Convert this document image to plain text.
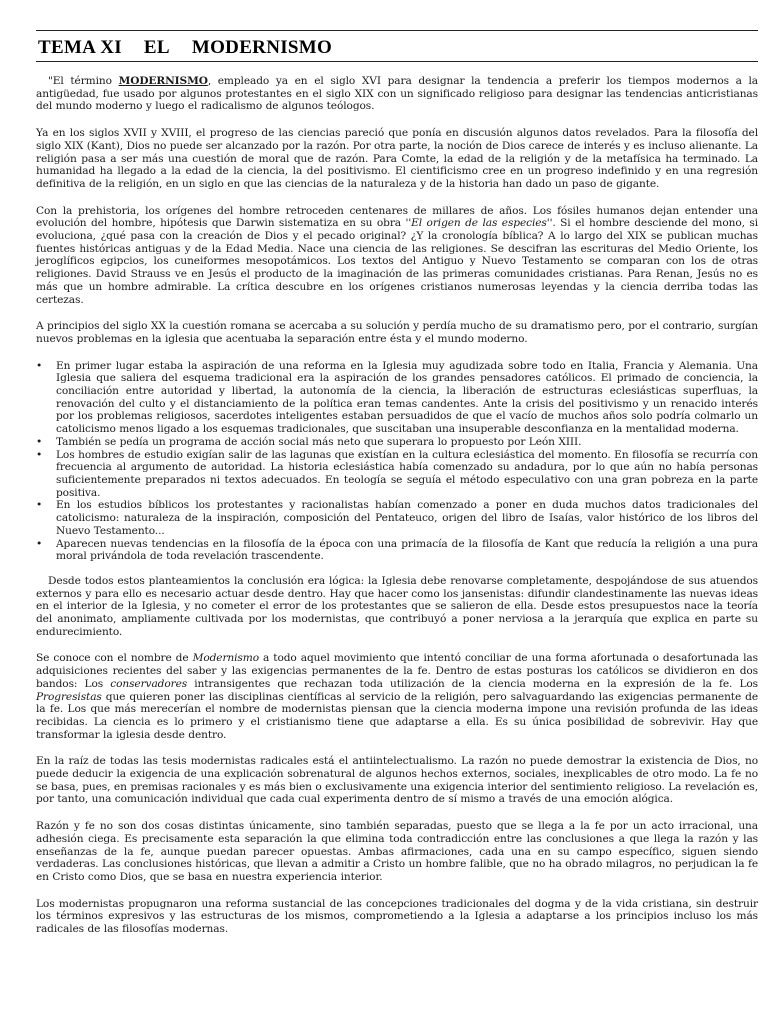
TEMA XI EL MODERNISMO

"El término MODERNISMO, empleado ya en el siglo XVI para designar la tendencia a preferir los tiempos modernos a la antigüedad, fue usado por algunos protestantes en el siglo XIX con un significado religioso para designar las tendencias anticristianas del mundo moderno y luego el radicalismo de algunos teólogos.

Ya en los siglos XVII y XVIII, el progreso de las ciencias pareció que ponía en discusión algunos datos revelados. Para la filosofía del siglo XIX (Kant), Dios no puede ser alcanzado por la razón. Por otra parte, la noción de Dios carece de interés y es incluso alienante. La religión pasa a ser más una cuestión de moral que de razón. Para Comte, la edad de la religión y de la metafísica ha terminado. La humanidad ha llegado a la edad de la ciencia, la del positivismo. El cientificismo cree en un progreso indefinido y en una regresión definitiva de la religión, en un siglo en que las ciencias de la naturaleza y de la historia han dado un paso de gigante.

Con la prehistoria, los orígenes del hombre retroceden centenares de millares de años. Los fósiles humanos dejan entender una evolución del hombre, hipótesis que Darwin sistematiza en su obra ''El origen de las especies''. Si el hombre desciende del mono, si evoluciona, ¿qué pasa con la creación de Dios y el pecado original? ¿Y la cronología bíblica? A lo largo del XIX se publican muchas fuentes históricas antiguas y de la Edad Media. Nace una ciencia de las religiones. Se descifran las escrituras del Medio Oriente, los jeroglíficos egipcios, los cuneiformes mesopotámicos. Los textos del Antiguo y Nuevo Testamento se comparan con los de otras religiones. David Strauss ve en Jesús el producto de la imaginación de las primeras comunidades cristianas. Para Renan, Jesús no es más que un hombre admirable. La crítica descubre en los orígenes cristianos numerosas leyendas y la ciencia derriba todas las certezas.

A principios del siglo XX la cuestión romana se acercaba a su solución y perdía mucho de su dramatismo pero, por el contrario, surgían nuevos problemas en la iglesia que acentuaba la separación entre ésta y el mundo moderno.

• En primer lugar estaba la aspiración de una reforma en la Iglesia muy agudizada sobre todo en Italia, Francia y Alemania. Una Iglesia que saliera del esquema tradicional era la aspiración de los grandes pensadores católicos. El primado de conciencia, la conciliación entre autoridad y libertad, la autonomía de la ciencia, la liberación de estructuras eclesiásticas superfluas, la renovación del culto y el distanciamiento de la política eran temas candentes. Ante la crisis del positivismo y un renacido interés por los problemas religiosos, sacerdotes inteligentes estaban persuadidos de que el vacío de muchos años solo podría colmarlo un catolicismo menos ligado a los esquemas tradicionales, que suscitaban una insuperable desconfianza en la mentalidad moderna.
• También se pedía un programa de acción social más neto que superara lo propuesto por León XIII.
• Los hombres de estudio exigían salir de las lagunas que existían en la cultura eclesiástica del momento. En filosofía se recurría con frecuencia al argumento de autoridad. La historia eclesiástica había comenzado su andadura, por lo que aún no había personas suficientemente preparados ni textos adecuados. En teología se seguía el método especulativo con una gran pobreza en la parte positiva.
• En los estudios bíblicos los protestantes y racionalistas habían comenzado a poner en duda muchos datos tradicionales del catolicismo: naturaleza de la inspiración, composición del Pentateuco, origen del libro de Isaías, valor histórico de los libros del Nuevo Testamento...
• Aparecen nuevas tendencias en la filosofía de la época con una primacía de la filosofía de Kant que reducía la religión a una pura moral privándola de toda revelación trascendente.

Desde todos estos planteamientos la conclusión era lógica: la Iglesia debe renovarse completamente, despojándose de sus atuendos externos y para ello es necesario actuar desde dentro. Hay que hacer como los jansenistas: difundir clandestinamente las nuevas ideas en el interior de la Iglesia, y no cometer el error de los protestantes que se salieron de ella. Desde estos presupuestos nace la teoría del anonimato, ampliamente cultivada por los modernistas, que contribuyó a poner nerviosa a la jerarquía que explica en parte su endurecimiento.

Se conoce con el nombre de Modernismo a todo aquel movimiento que intentó conciliar de una forma afortunada o desafortunada las adquisiciones recientes del saber y las exigencias permanentes de la fe. Dentro de estas posturas los católicos se dividieron en dos bandos: Los conservadores intransigentes que rechazan toda utilización de la ciencia moderna en la expresión de la fe. Los Progresistas que quieren poner las disciplinas científicas al servicio de la religión, pero salvaguardando las exigencias permanente de la fe. Los que más merecerían el nombre de modernistas piensan que la ciencia moderna impone una revisión profunda de las ideas recibidas. La ciencia es lo primero y el cristianismo tiene que adaptarse a ella. Es su única posibilidad de sobrevivir. Hay que transformar la iglesia desde dentro.

En la raíz de todas las tesis modernistas radicales está el antiintelectualismo. La razón no puede demostrar la existencia de Dios, no puede deducir la exigencia de una explicación sobrenatural de algunos hechos externos, sociales, inexplicables de otro modo. La fe no se basa, pues, en premisas racionales y es más bien o exclusivamente una exigencia interior del sentimiento religioso. La revelación es, por tanto, una comunicación individual que cada cual experimenta dentro de sí mismo a través de una emoción alógica.

Razón y fe no son dos cosas distintas únicamente, sino también separadas, puesto que se llega a la fe por un acto irracional, una adhesión ciega. Es precisamente esta separación la que elimina toda contradicción entre las conclusiones a que llega la razón y las enseñanzas de la fe, aunque puedan parecer opuestas. Ambas afirmaciones, cada una en su campo específico, siguen siendo verdaderas. Las conclusiones históricas, que llevan a admitir a Cristo un hombre falible, que no ha obrado milagros, no perjudican la fe en Cristo como Dios, que se basa en nuestra experiencia interior.

Los modernistas propugnaron una reforma sustancial de las concepciones tradicionales del dogma y de la vida cristiana, sin destruir los términos expresivos y las estructuras de los mismos, comprometiendo a la Iglesia a adaptarse a los principios incluso los más radicales de las filosofías modernas.
